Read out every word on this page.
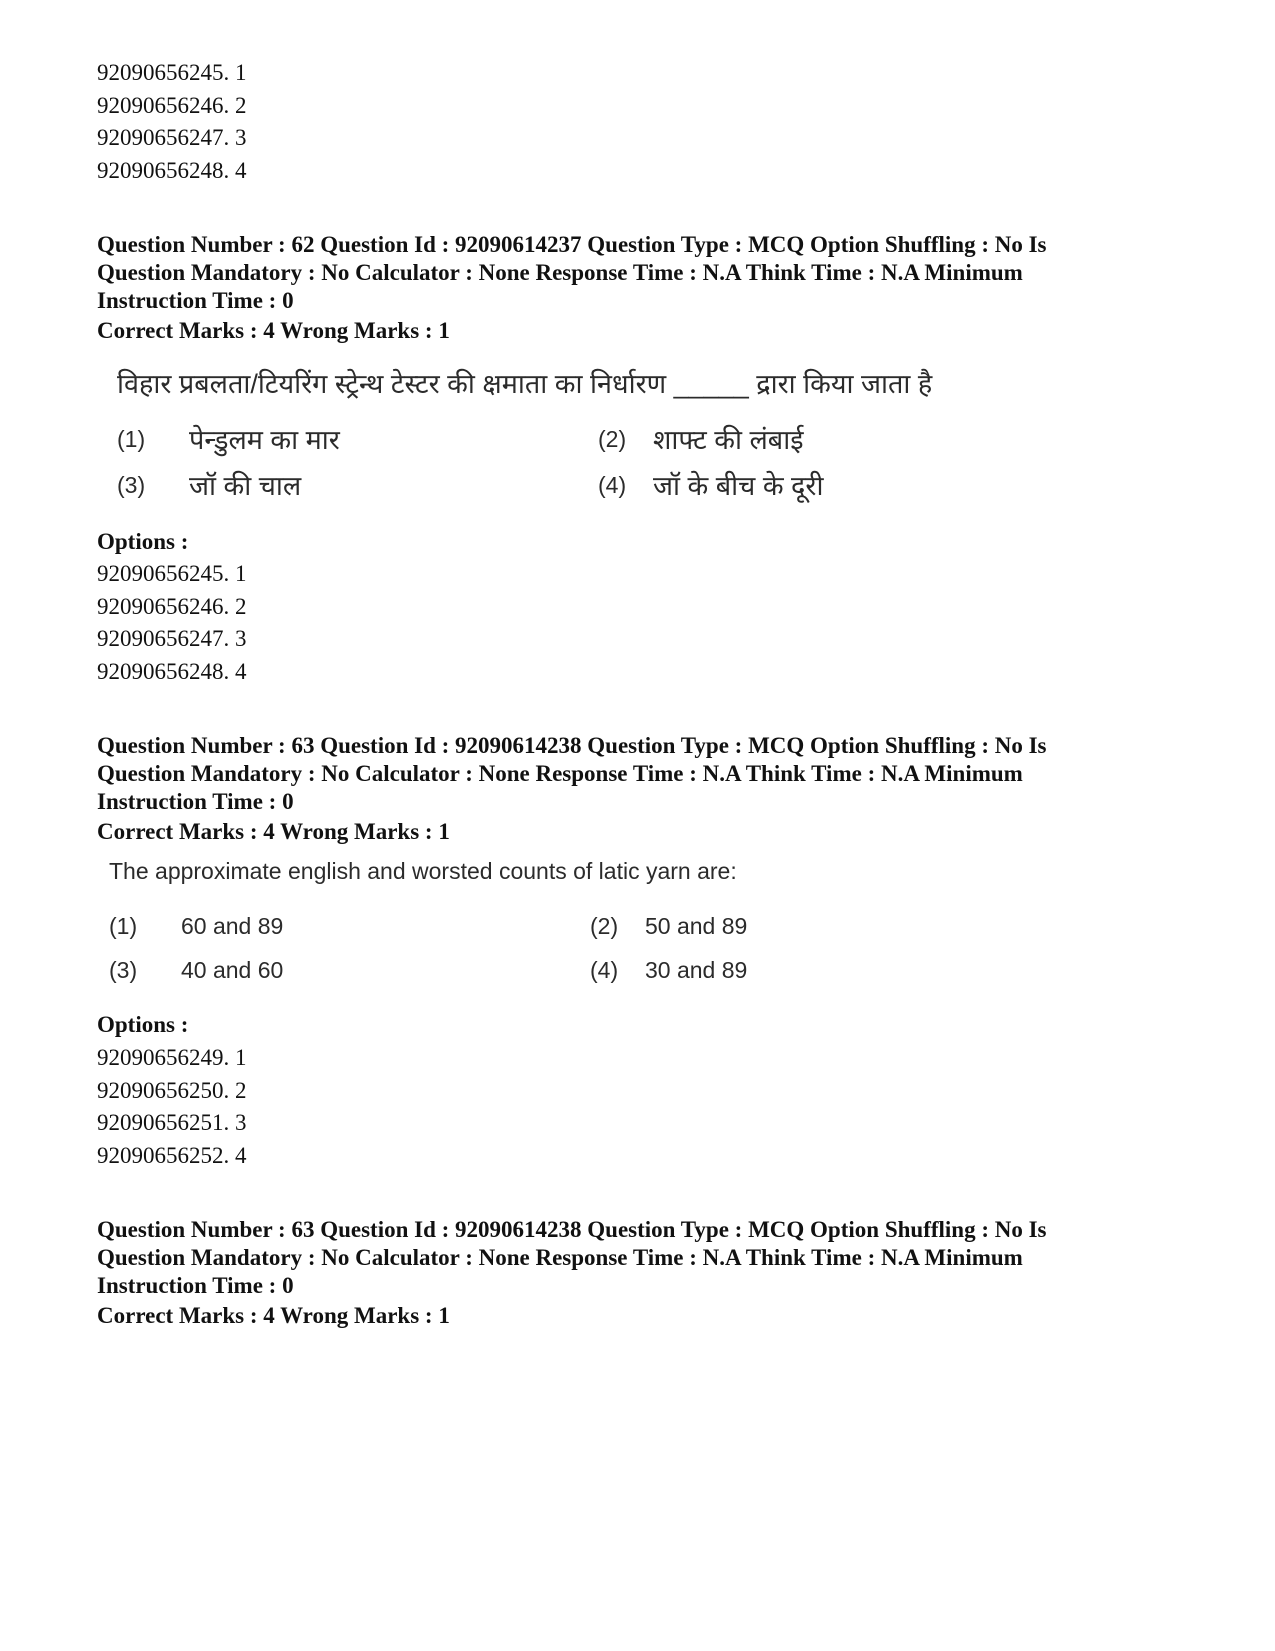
92090656245. 1
92090656246. 2
92090656247. 3
92090656248. 4
Question Number : 62 Question Id : 92090614237 Question Type : MCQ Option Shuffling : No Is
Question Mandatory : No Calculator : None Response Time : N.A Think Time : N.A Minimum
Instruction Time : 0
Correct Marks : 4 Wrong Marks : 1
विहार प्रबलता/टियरिंग स्ट्रेन्थ टेस्टर की क्षमाता का निर्धारण _____ द्रारा किया जाता है
(1) पेन्डुलम का मार	(2) शाफ्ट की लंबाई
(3) जॉ की चाल	(4) जॉ के बीच के दूरी
Options :
92090656245. 1
92090656246. 2
92090656247. 3
92090656248. 4
Question Number : 63 Question Id : 92090614238 Question Type : MCQ Option Shuffling : No Is
Question Mandatory : No Calculator : None Response Time : N.A Think Time : N.A Minimum
Instruction Time : 0
Correct Marks : 4 Wrong Marks : 1
The approximate english and worsted counts of latic yarn are:
(1) 60 and 89	(2) 50 and 89
(3) 40 and 60	(4) 30 and 89
Options :
92090656249. 1
92090656250. 2
92090656251. 3
92090656252. 4
Question Number : 63 Question Id : 92090614238 Question Type : MCQ Option Shuffling : No Is
Question Mandatory : No Calculator : None Response Time : N.A Think Time : N.A Minimum
Instruction Time : 0
Correct Marks : 4 Wrong Marks : 1
